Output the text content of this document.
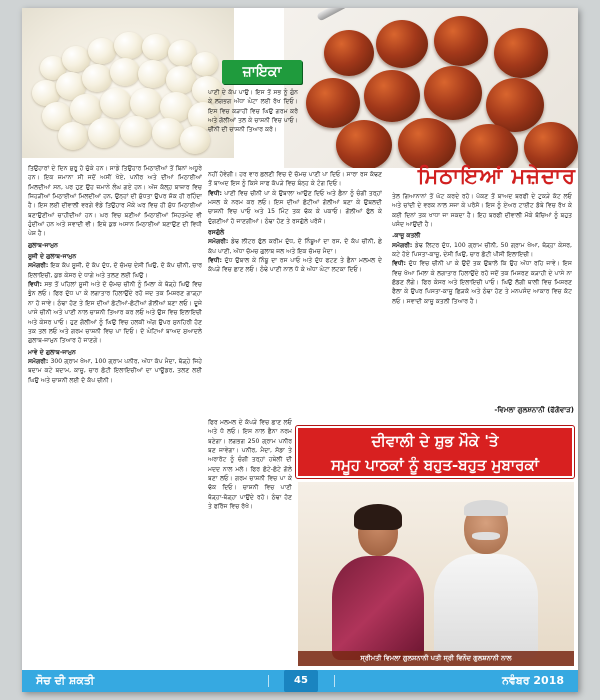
ਜ਼ਾਇਕਾ
ਮਿਠਾਇਆਂ ਮਜ਼ੇਦਾਰ

ਤਿਉਹਾਰਾਂ ਦੇ ਦਿਨ ਸ਼ੁਰੂ ਹੋ ਚੁੱਕੇ ਹਨ। ਸਾਡੇ ਤਿਉਹਾਰ ਮਿਠਾਈਆਂ ਤੋਂ ਬਿਨਾਂ ਅਧੂਰੇ ਹਨ। ਇਕ ਜ਼ਮਾਨਾ ਸੀ ਜਦੋਂ ਅਸੀਂ ਖੋਏ, ਪਨੀਰ ਅਤੇ ਦੀਆਂ ਮਿਠਾਈਆਂ ਮਿਲਦੀਆਂ ਸਨ, ਪਰ ਹੁਣ ਉਹ ਜ਼ਮਾਨੇ ਲੰਘ ਗਏ ਹਨ। ਅੱਜ ਕੱਲ੍ਹ ਬਾਜ਼ਾਰ ਵਿਚ ਜਿਹੜੀਆਂ ਮਿਠਾਈਆਂ ਮਿਲਦੀਆਂ ਹਨ, ਉਨ੍ਹਾਂ ਦੀ ਸ਼ੁੱਧਤਾ ਉਪਰ ਸ਼ੱਕ ਹੀ ਰਹਿੰਦਾ ਹੈ। ਇਸ ਲਈ ਦੀਵਾਲੀ ਵਰਗੇ ਵੱਡੇ ਤਿਉਹਾਰ ਮੌਕੇ ਘਰ ਵਿਚ ਹੀ ਸ਼ੁੱਧ ਮਿਠਾਈਆਂ ਬਣਾਉਣੀਆਂ ਚਾਹੀਦੀਆਂ ਹਨ। ਘਰ ਵਿਚ ਬਣੀਆਂ ਮਿਠਾਈਆਂ ਸਿਹਤਮੰਦ ਵੀ ਹੁੰਦੀਆਂ ਹਨ ਅਤੇ ਸਵਾਦੀ ਵੀ। ਇਥੇ ਕੁਝ ਅਸਾਨ ਮਿਠਾਈਆਂ ਬਣਾਉਣ ਦੀ ਵਿਧੀ ਪੇਸ਼ ਹੈ।

ਗੁਲਾਬ-ਜਾਮੁਨ

ਸੂਜੀ ਦੇ ਗੁਲਾਬ-ਜਾਮੁਨ

ਸਮੱਗਰੀ: ਇਕ ਕੱਪ ਸੂਜੀ, ਦੋ ਕੱਪ ਦੁੱਧ, ਦੋ ਚੱਮਚ ਦੇਸੀ ਘਿਉ, ਦੋ ਕੱਪ ਚੀਨੀ, ਚਾਰ ਇਲਾਇਚੀ, ਕੁਝ ਕੇਸਰ ਦੇ ਧਾਗੇ ਅਤੇ ਤਲਣ ਲਈ ਘਿਉ।

ਵਿਧੀ: ਸਭ ਤੋਂ ਪਹਿਲਾਂ ਸੂਜੀ ਅਤੇ ਦੋ ਚੱਮਚ ਚੀਨੀ ਨੂੰ ਮਿਲਾ ਕੇ ਥੋੜ੍ਹੇ ਘਿਉ ਵਿਚ ਭੁੰਨ ਲਓ। ਫਿਰ ਦੁੱਧ ਪਾ ਕੇ ਲਗਾਤਾਰ ਹਿਲਾਉਂਦੇ ਰਹੋ ਜਦ ਤਕ ਮਿਸ਼ਰਣ ਗਾੜ੍ਹਾ ਨਾ ਹੋ ਜਾਵੇ। ਠੰਢਾ ਹੋਣ ਤੇ ਇਸ ਦੀਆਂ ਛੋਟੀਆਂ-ਛੋਟੀਆਂ ਗੋਲੀਆਂ ਬਣਾ ਲਓ। ਦੂਜੇ ਪਾਸੇ ਚੀਨੀ ਅਤੇ ਪਾਣੀ ਨਾਲ ਚਾਸ਼ਨੀ ਤਿਆਰ ਕਰ ਲਓ ਅਤੇ ਉਸ ਵਿਚ ਇਲਾਇਚੀ ਅਤੇ ਕੇਸਰ ਪਾਓ। ਹੁਣ ਗੋਲੀਆਂ ਨੂੰ ਘਿਉ ਵਿਚ ਹਲਕੀ ਅੱਗ ਉਪਰ ਸੁਨਹਿਰੀ ਹੋਣ ਤਕ ਤਲ ਲਓ ਅਤੇ ਗਰਮ ਚਾਸ਼ਨੀ ਵਿਚ ਪਾ ਦਿਓ। ਦੋ ਘੰਟਿਆਂ ਬਾਅਦ ਸੁਆਦਲੇ ਗੁਲਾਬ-ਜਾਮੁਨ ਤਿਆਰ ਹੋ ਜਾਣਗੇ।

ਮਾਵੇ ਦੇ ਗੁਲਾਬ-ਜਾਮੁਨ

ਸਮੱਗਰੀ: 300 ਗ੍ਰਾਮ ਖੋਆ, 100 ਗ੍ਰਾਮ ਪਨੀਰ, ਅੱਧਾ ਕੱਪ ਮੈਦਾ, ਥੋੜ੍ਹੇ ਜਿਹੇ ਬਦਾਮ ਕਟੇ ਬਦਾਮ, ਕਾਜੂ, ਚਾਰ ਛੋਟੀ ਇਲਾਇਚੀਆਂ ਦਾ ਪਾਊਡਰ, ਤਲਣ ਲਈ ਘਿਉ ਅਤੇ ਚਾਸ਼ਨੀ ਲਈ ਦੋ ਕੱਪ ਚੀਨੀ।

ਪਾਣੀ ਦੇ ਕੱਪ ਪਾਉ। ਇਸ ਤੋਂ ਸਭ ਨੂੰ ਗੁੰਨ ਕੇ ਲਗਭਗ ਅੱਧਾ ਘੰਟਾ ਲਈ ਰੱਖ ਦਿਓ। ਇਸ ਵਿਚ ਕੜਾਹੀ ਵਿਚ ਘਿਉ ਗਰਮ ਕਰੋ ਅਤੇ ਗੋਲੀਆਂ ਤਲ ਕੇ ਚਾਸ਼ਨੀ ਵਿਚ ਪਾਓ। ਚੀਨੀ ਦੀ ਚਾਸ਼ਨੀ ਤਿਆਰ ਕਰੋ।

ਨਹੀਂ ਹੋਵੇਗੀ। ਹਰ ਵਾਰ ਛਲਣੀ ਵਿਚ ਦੋ ਚੱਮਚ ਪਾਣੀ ਪਾ ਦਿਓ। ਸਾਰਾ ਰਸ ਕੱਢਣ ਤੋਂ ਬਾਅਦ ਇਸ ਨੂੰ ਕਿਸੇ ਸਾਫ ਕੱਪੜੇ ਵਿਚ ਬੰਨ੍ਹ ਕੇ ਟੰਗ ਦਿਓ।

ਵਿਧੀ: ਪਾਣੀ ਵਿਚ ਚੀਨੀ ਪਾ ਕੇ ਉਬਾਲਾ ਆਉਣ ਦਿਓ ਅਤੇ ਛੈਨਾ ਨੂੰ ਚੰਗੀ ਤਰ੍ਹਾਂ ਮਸਲ ਕੇ ਨਰਮ ਕਰ ਲਓ। ਇਸ ਦੀਆਂ ਛੋਟੀਆਂ ਗੋਲੀਆਂ ਬਣਾ ਕੇ ਉਬਲਦੀ ਚਾਸ਼ਨੀ ਵਿਚ ਪਾਓ ਅਤੇ 15 ਮਿੰਟ ਤਕ ਢੱਕ ਕੇ ਪਕਾਓ। ਗੋਲੀਆਂ ਫੁੱਲ ਕੇ ਦੁੱਗਣੀਆਂ ਹੋ ਜਾਣਗੀਆਂ। ਠੰਢਾ ਹੋਣ ਤੇ ਰਸਗੁੱਲੇ ਪਰੋਸੋ।

ਰਸਗੁੱਲੇ

ਸਮੱਗਰੀ: ਡੇਢ ਲੀਟਰ ਫੁੱਲ ਕਰੀਮ ਦੁੱਧ, ਦੋ ਨਿੰਬੂਆਂ ਦਾ ਰਸ, ਦੋ ਕੱਪ ਚੀਨੀ, ਛੇ ਕੱਪ ਪਾਣੀ, ਅੱਧਾ ਚੱਮਚ ਗੁਲਾਬ ਜਲ ਅਤੇ ਇਕ ਚੱਮਚ ਮੈਦਾ।

ਵਿਧੀ: ਦੁੱਧ ਉਬਾਲ ਕੇ ਨਿੰਬੂ ਦਾ ਰਸ ਪਾਓ ਅਤੇ ਦੁੱਧ ਫਟਣ ਤੇ ਛੈਨਾ ਮਲਮਲ ਦੇ ਕੱਪੜੇ ਵਿਚ ਛਾਣ ਲਓ। ਠੰਢੇ ਪਾਣੀ ਨਾਲ ਧੋ ਕੇ ਅੱਧਾ ਘੰਟਾ ਲਟਕਾ ਦਿਓ।

ਫਿਰ ਮਲਮਲ ਦੇ ਕੱਪੜੇ ਵਿਚ ਛਾਣ ਲਓ ਅਤੇ ਧੋ ਲਓ। ਇਸ ਨਾਲ ਛੈਨਾ ਨਰਮ ਬਣੇਗਾ। ਲਗਭਗ 250 ਗ੍ਰਾਮ ਪਨੀਰ ਬਣ ਜਾਵੇਗਾ। ਪਨੀਰ, ਮੈਦਾ, ਸੋਡਾ ਤੇ ਅਰਾਰੋਟ ਨੂੰ ਚੰਗੀ ਤਰ੍ਹਾਂ ਹਥੇਲੀ ਦੀ ਮਦਦ ਨਾਲ ਮਲੋ। ਫਿਰ ਛੋਟੇ-ਛੋਟੇ ਗੋਲੇ ਬਣਾ ਲਓ। ਗਰਮ ਚਾਸ਼ਨੀ ਵਿਚ ਪਾ ਕੇ ਢੱਕ ਦਿਓ। ਚਾਸ਼ਨੀ ਵਿਚ ਪਾਣੀ ਥੋੜ੍ਹਾ-ਥੋੜ੍ਹਾ ਪਾਉਂਦੇ ਰਹੋ। ਠੰਢਾ ਹੋਣ ਤੇ ਫਰਿੱਜ ਵਿਚ ਰੱਖੋ।

ਤੇਲ ਗਿਆਨਾਨਾਂ ਤੋਂ ਘੱਟ ਕਰਦੇ ਰਹੋ। ਪੱਕਣ ਤੋਂ ਬਾਅਦ ਬਰਫੀ ਦੇ ਟੁਕੜੇ ਕੱਟ ਲਓ ਅਤੇ ਚਾਂਦੀ ਦੇ ਵਰਕ ਨਾਲ ਸਜਾ ਕੇ ਪਰੋਸੋ। ਇਸ ਨੂੰ ਏਅਰ ਟਾਈਟ ਡੱਬੇ ਵਿਚ ਰੱਖ ਕੇ ਕਈ ਦਿਨਾਂ ਤਕ ਖਾਧਾ ਜਾ ਸਕਦਾ ਹੈ। ਇਹ ਬਰਫੀ ਦੀਵਾਲੀ ਮੌਕੇ ਬੱਚਿਆਂ ਨੂੰ ਬਹੁਤ ਪਸੰਦ ਆਉਂਦੀ ਹੈ।

.ਕਾਜੂ ਕਤਲੀ

ਸਮੱਗਰੀ: ਡੇਢ ਲਿਟਰ ਦੁੱਧ, 100 ਗ੍ਰਾਮ ਚੀਨੀ, 50 ਗ੍ਰਾਮ ਖੋਆ, ਥੋੜ੍ਹਾ ਕੇਸਰ, ਕਟੇ ਹੋਏ ਪਿਸਤਾ-ਕਾਜੂ, ਦੇਸੀ ਘਿਉ, ਚਾਰ ਛੋਟੀ ਪੀਸੀ ਇਲਾਇਚੀ।

ਵਿਧੀ: ਦੁੱਧ ਵਿਚ ਚੀਨੀ ਪਾ ਕੇ ਉਦੋਂ ਤਕ ਉਬਾਲੋ ਕਿ ਉਹ ਅੱਧਾ ਰਹਿ ਜਾਵੇ। ਇਸ ਵਿਚ ਖੋਆ ਮਿਲਾ ਕੇ ਲਗਾਤਾਰ ਹਿਲਾਉਂਦੇ ਰਹੋ ਜਦੋਂ ਤਕ ਮਿਸ਼ਰਣ ਕੜਾਹੀ ਦੇ ਪਾਸੇ ਨਾ ਛੱਡਣ ਲੱਗੇ। ਫਿਰ ਕੇਸਰ ਅਤੇ ਇਲਾਇਚੀ ਪਾਓ। ਘਿਉ ਲੱਗੀ ਥਾਲੀ ਵਿਚ ਮਿਸ਼ਰਣ ਫੈਲਾ ਕੇ ਉਪਰ ਪਿਸਤਾ-ਕਾਜੂ ਛਿੜਕੋ ਅਤੇ ਠੰਢਾ ਹੋਣ ਤੇ ਮਨਪਸੰਦ ਆਕਾਰ ਵਿਚ ਕੱਟ ਲਓ। ਸਵਾਦੀ ਕਾਜੂ ਕਤਲੀ ਤਿਆਰ ਹੈ।

-ਵਿਮਲਾ ਗੁਲਸ਼ਨਾਨੀ (ਫੱਗੋਵਾੜ)
ਦੀਵਾਲੀ ਦੇ ਸ਼ੁਭ ਮੌਕੇ 'ਤੇ
ਸਮੂਹ ਪਾਠਕਾਂ ਨੂੰ ਬਹੁਤ-ਬਹੁਤ ਮੁਬਾਰਕਾਂ
ਸ੍ਰੀਮਤੀ ਵਿਮਲਾ ਗੁਲਸ਼ਨਾਨੀ ਪਤੀ ਸ੍ਰੀ ਵਿਨੋਦ ਗੁਲਸ਼ਨਾਨੀ ਨਾਲ
ਸੋਚ ਦੀ ਸ਼ਕਤੀ	45	ਨਵੰਬਰ 2018
